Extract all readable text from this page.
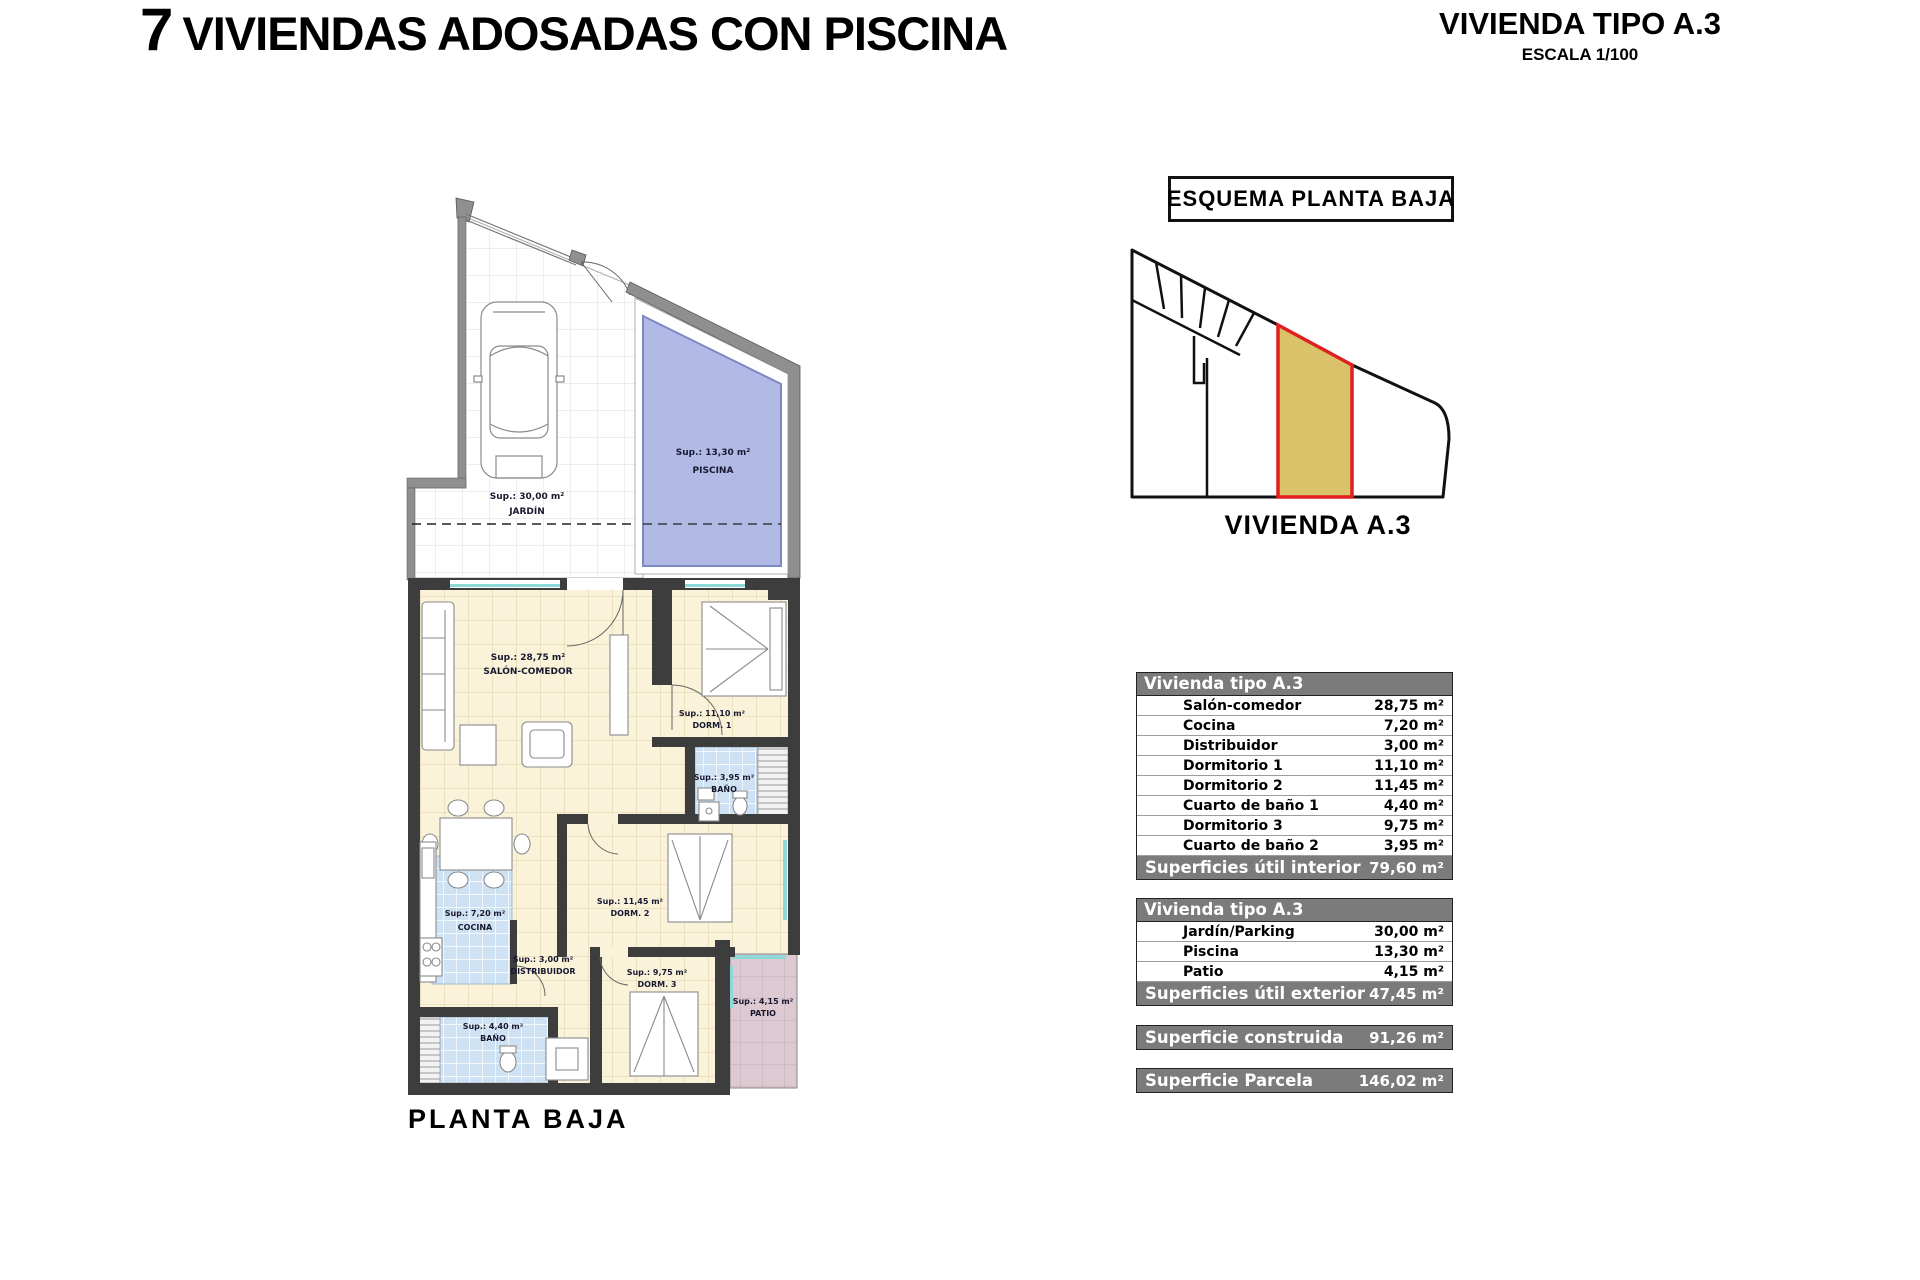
7 VIVIENDAS ADOSADAS CON PISCINA	VIVIENDA TIPO A.3
ESCALA 1/100
ESQUEMA PLANTA BAJA
VIVIENDA A.3
Sup.: 13,30 m²
PISCINA
Sup.: 30,00 m²
JARDÍN
Sup.: 28,75 m²
SALÓN-COMEDOR
Sup.: 11,10 m²
DORM. 1
Sup.: 3,95 m²
BAÑO
Sup.: 11,45 m²
DORM. 2
Sup.: 3,00 m²
DISTRIBUIDOR
Sup.: 7,20 m²
COCINA
Sup.: 9,75 m²
DORM. 3
Sup.: 4,40 m²
BAÑO
Sup.: 4,15 m²
PATIO
PLANTA BAJA
Vivienda tipo A.3
Salón-comedor	28,75 m²
Cocina	7,20 m²
Distribuidor	3,00 m²
Dormitorio 1	11,10 m²
Dormitorio 2	11,45 m²
Cuarto de baño 1	4,40 m²
Dormitorio 3	9,75 m²
Cuarto de baño 2	3,95 m²
Superficies útil interior 79,60 m²
Vivienda tipo A.3
Jardín/Parking	30,00 m²
Piscina	13,30 m²
Patio	4,15 m²
Superficies útil exterior 47,45 m²
Superficie construida 91,26 m²
Superficie Parcela	146,02 m²
